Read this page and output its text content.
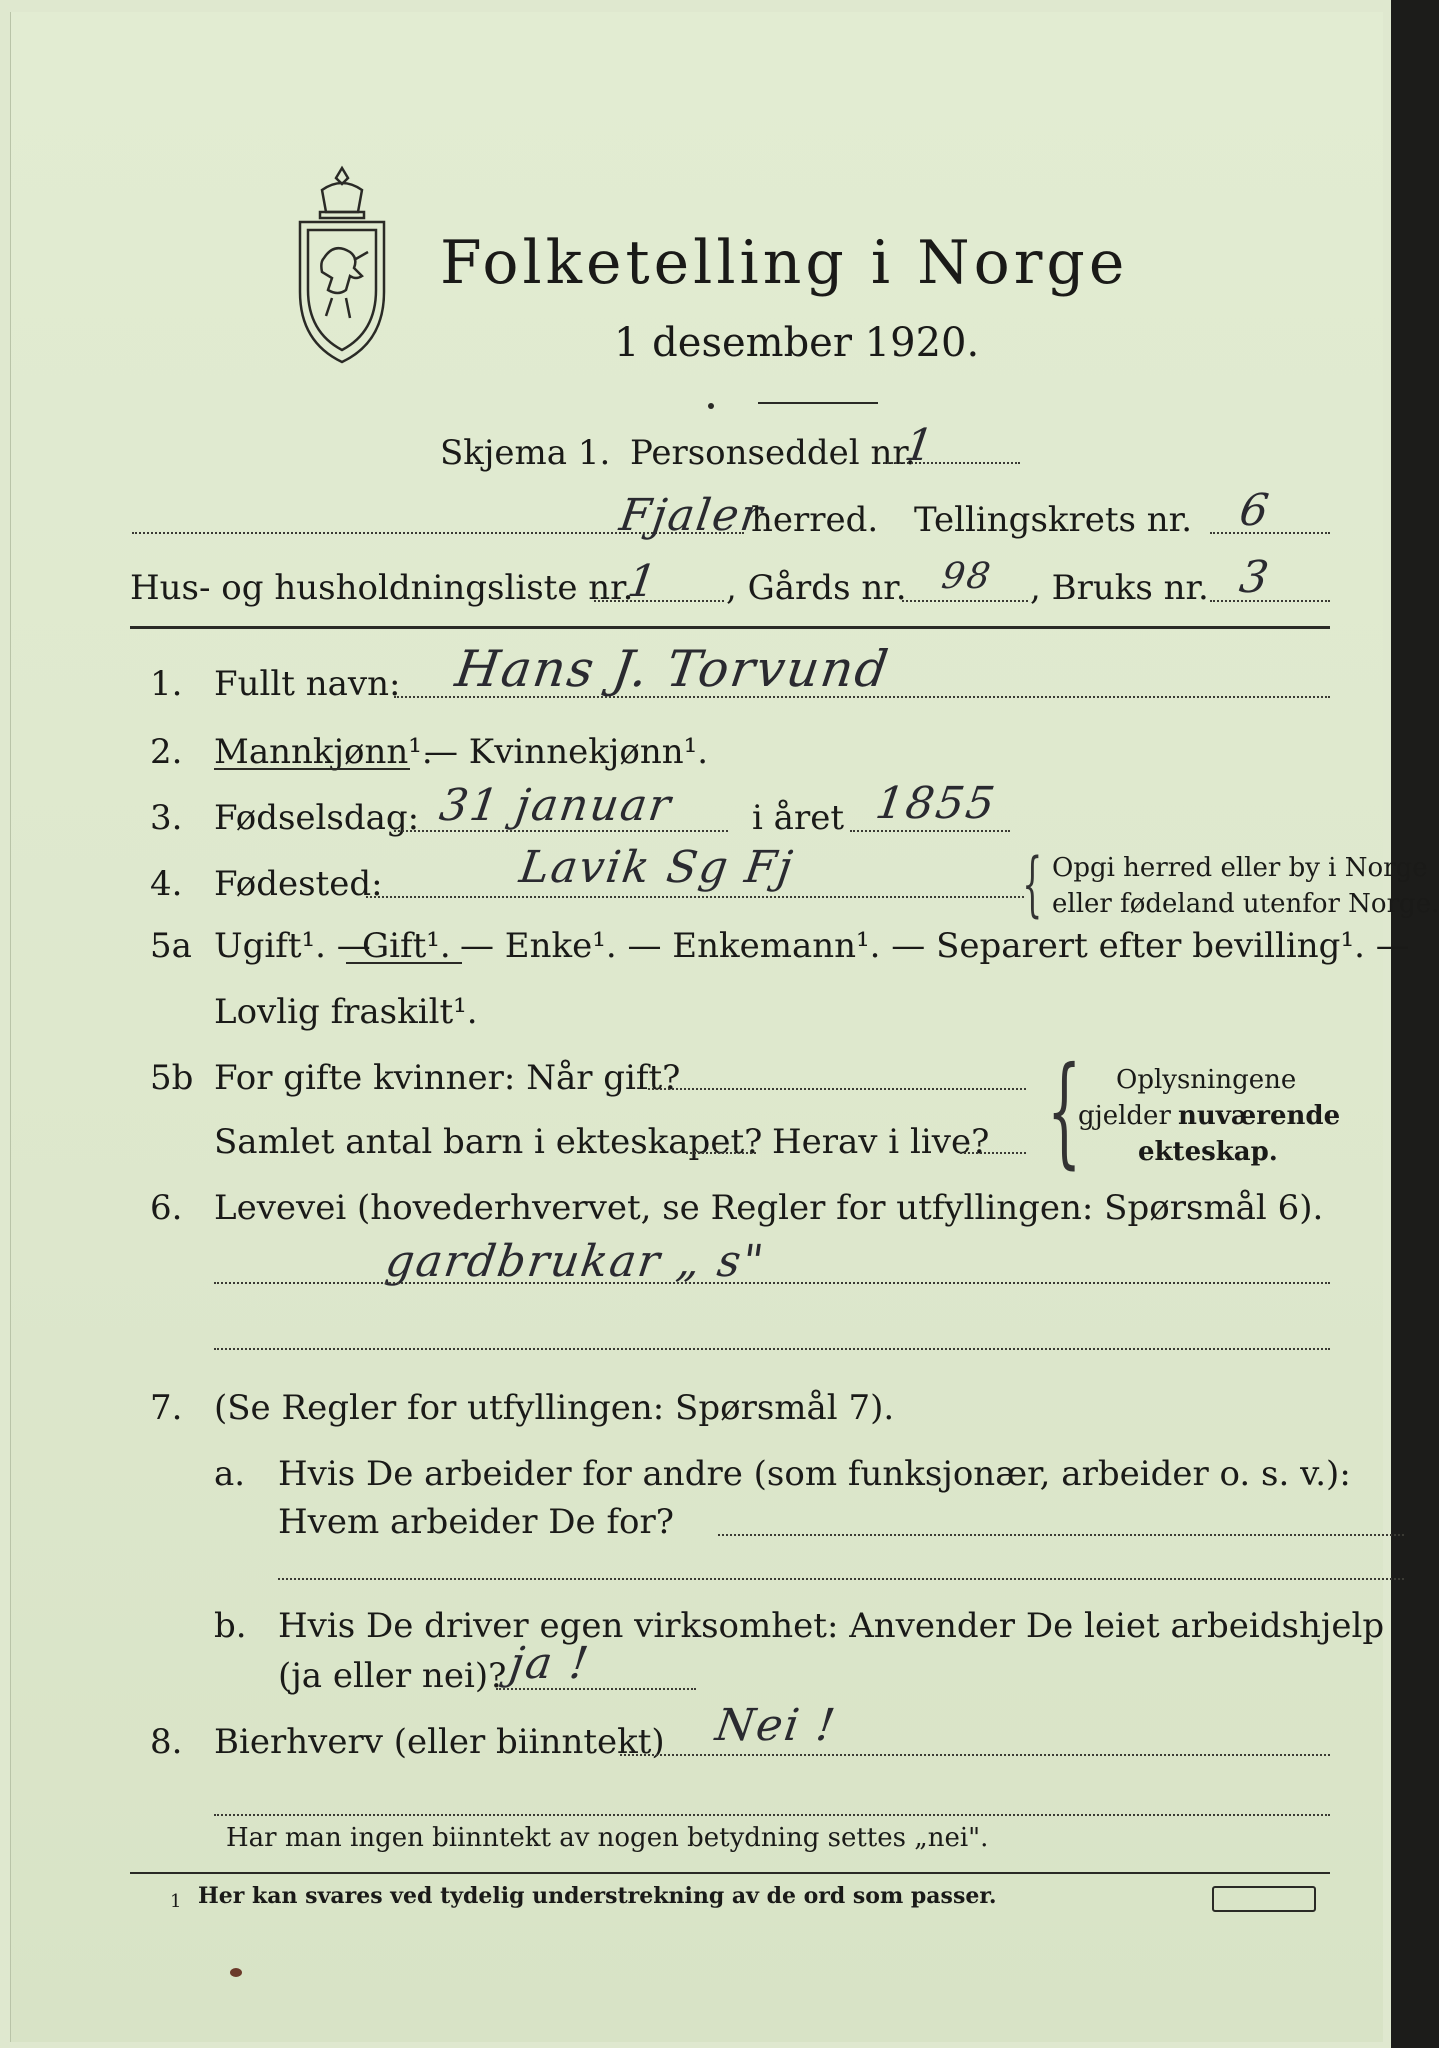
Folketelling i Norge
1 desember 1920.
Skjema 1. Personseddel nr.
1
Fjaler
herred. Tellingskrets nr. 6
Hus- og husholdningsliste nr.
1 , Gårds nr. 98 , Bruks nr. 3
1. Fullt navn: Hans J. Torvund
2. Mannkjønn¹.
— Kvinnekjønn¹.
3. Fødselsdag: 31 januar i året 1855
4. Fødested:	Lavik Sg Fj	{ Opgi herred eller by i Norge
eller fødeland utenfor Norge.
5a Ugift¹. —
Gift¹. — Enke¹. — Enkemann¹. — Separert efter bevilling¹. —
Lovlig fraskilt¹.
5b For gifte kvinner: Når gift?
Samlet antal barn i ekteskapet? Herav i live? { Oplysningene
gjelder nuværende
ekteskap.
6. Levevei (hovederhvervet, se Regler for utfyllingen: Spørsmål 6).
gardbrukar „ s"
7. (Se Regler for utfyllingen: Spørsmål 7).
a. Hvis De arbeider for andre (som funksjonær, arbeider o. s. v.):
Hvem arbeider De for?
b. Hvis De driver egen virksomhet: Anvender De leiet arbeidshjelp
(ja eller nei)? ja !
8. Bierhverv (eller biinntekt) Nei !
Har man ingen biinntekt av nogen betydning settes „nei".
1 Her kan svares ved tydelig understrekning av de ord som passer.
